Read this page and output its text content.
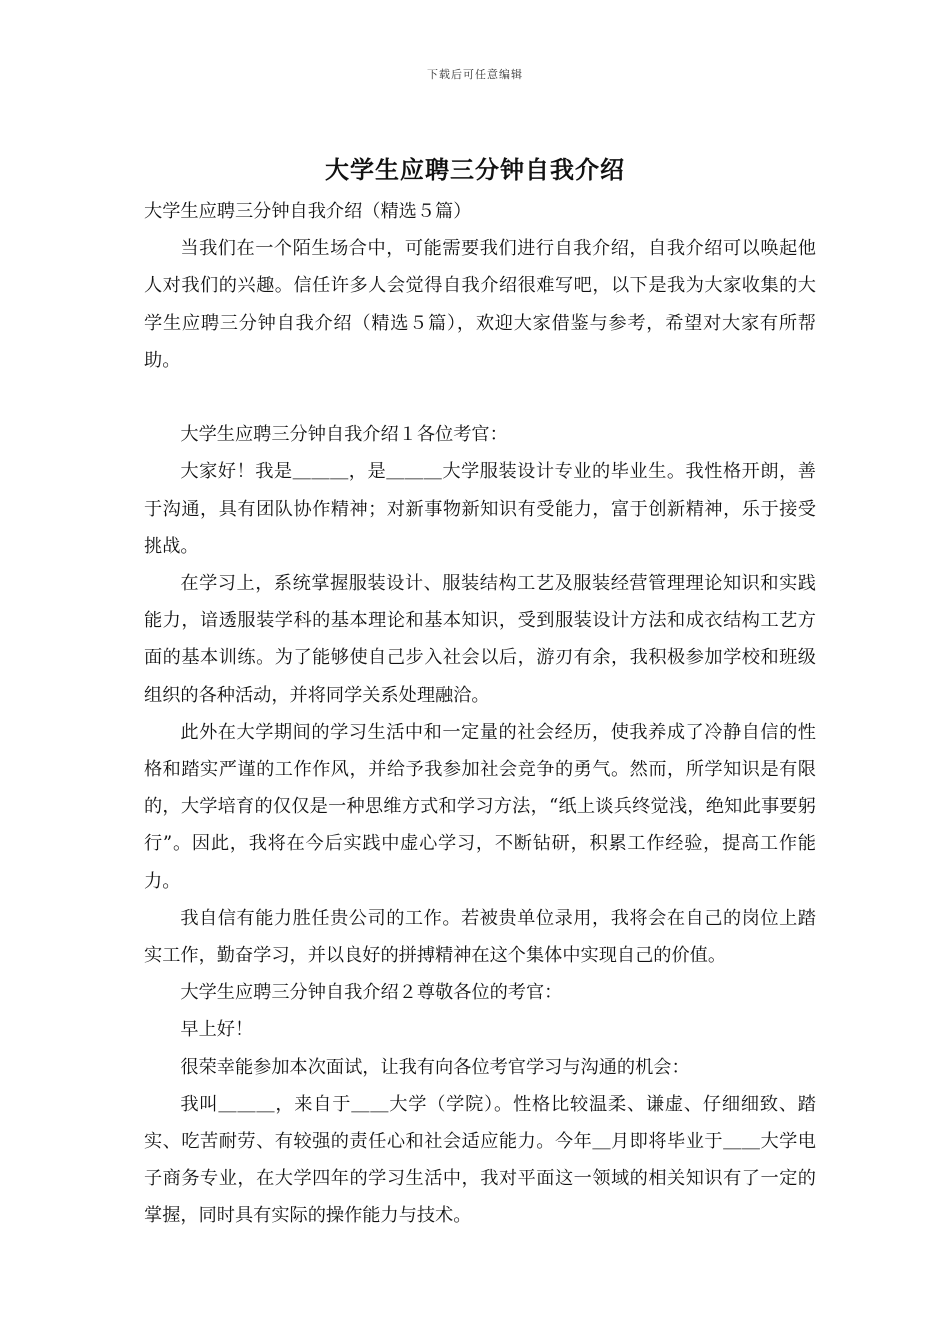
下载后可任意编辑
大学生应聘三分钟自我介绍

大学生应聘三分钟自我介绍（精选５篇）

当我们在一个陌生场合中，可能需要我们进行自我介绍，自我介绍可以唤起他人对我们的兴趣。信任许多人会觉得自我介绍很难写吧，以下是我为大家收集的大学生应聘三分钟自我介绍（精选５篇），欢迎大家借鉴与参考，希望对大家有所帮助。

大学生应聘三分钟自我介绍１各位考官：

大家好！我是＿＿＿，是＿＿＿大学服装设计专业的毕业生。我性格开朗，善于沟通，具有团队协作精神；对新事物新知识有受能力，富于创新精神，乐于接受挑战。

在学习上，系统掌握服装设计、服装结构工艺及服装经营管理理论知识和实践能力，谙透服装学科的基本理论和基本知识，受到服装设计方法和成衣结构工艺方面的基本训练。为了能够使自己步入社会以后，游刃有余，我积极参加学校和班级组织的各种活动，并将同学关系处理融洽。

此外在大学期间的学习生活中和一定量的社会经历，使我养成了冷静自信的性格和踏实严谨的工作作风，并给予我参加社会竞争的勇气。然而，所学知识是有限的，大学培育的仅仅是一种思维方式和学习方法，“纸上谈兵终觉浅，绝知此事要躬行”。因此，我将在今后实践中虚心学习，不断钻研，积累工作经验，提高工作能力。

我自信有能力胜任贵公司的工作。若被贵单位录用，我将会在自己的岗位上踏实工作，勤奋学习，并以良好的拼搏精神在这个集体中实现自己的价值。

大学生应聘三分钟自我介绍２尊敬各位的考官：

早上好！

很荣幸能参加本次面试，让我有向各位考官学习与沟通的机会：

我叫＿＿＿，来自于＿＿大学（学院）。性格比较温柔、谦虚、仔细细致、踏实、吃苦耐劳、有较强的责任心和社会适应能力。今年＿月即将毕业于＿＿大学电子商务专业，在大学四年的学习生活中，我对平面这一领域的相关知识有了一定的掌握，同时具有实际的操作能力与技术。
